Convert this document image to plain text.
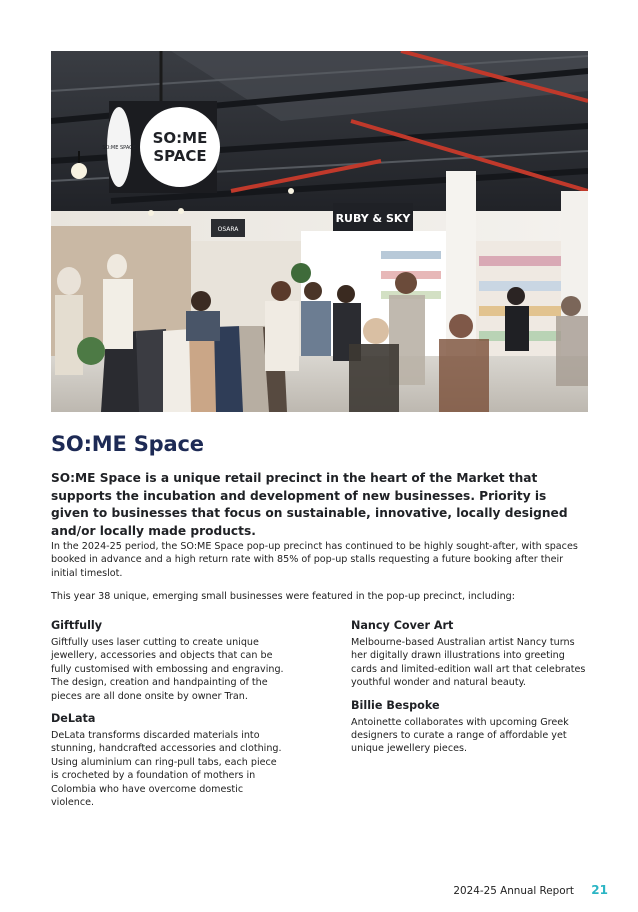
RUBY & SKY
OSARA
SO:ME
SPACE
SO:ME SPACE
SO:ME Space

SO:ME Space is a unique retail precinct in the heart of the Market that supports the incubation and development of new businesses. Priority is given to businesses that focus on sustainable, innovative, locally designed and/or locally made products.

In the 2024-25 period, the SO:ME Space pop-up precinct has continued to be highly sought-after, with spaces booked in advance and a high return rate with 85% of pop-up stalls requesting a future booking after their initial timeslot.

This year 38 unique, emerging small businesses were featured in the pop-up precinct, including:

Giftfully

Giftfully uses laser cutting to create unique jewellery, accessories and objects that can be fully customised with embossing and engraving. The design, creation and handpainting of the pieces are all done onsite by owner Tran.

DeLata

DeLata transforms discarded materials into stunning, handcrafted accessories and clothing. Using aluminium can ring-pull tabs, each piece is crocheted by a foundation of mothers in Colombia who have overcome domestic violence.

Nancy Cover Art

Melbourne-based Australian artist Nancy turns her digitally drawn illustrations into greeting cards and limited-edition wall art that celebrates youthful wonder and natural beauty.

Billie Bespoke

Antoinette collaborates with upcoming Greek designers to curate a range of affordable yet unique jewellery pieces.

2024-25 Annual Report 21
